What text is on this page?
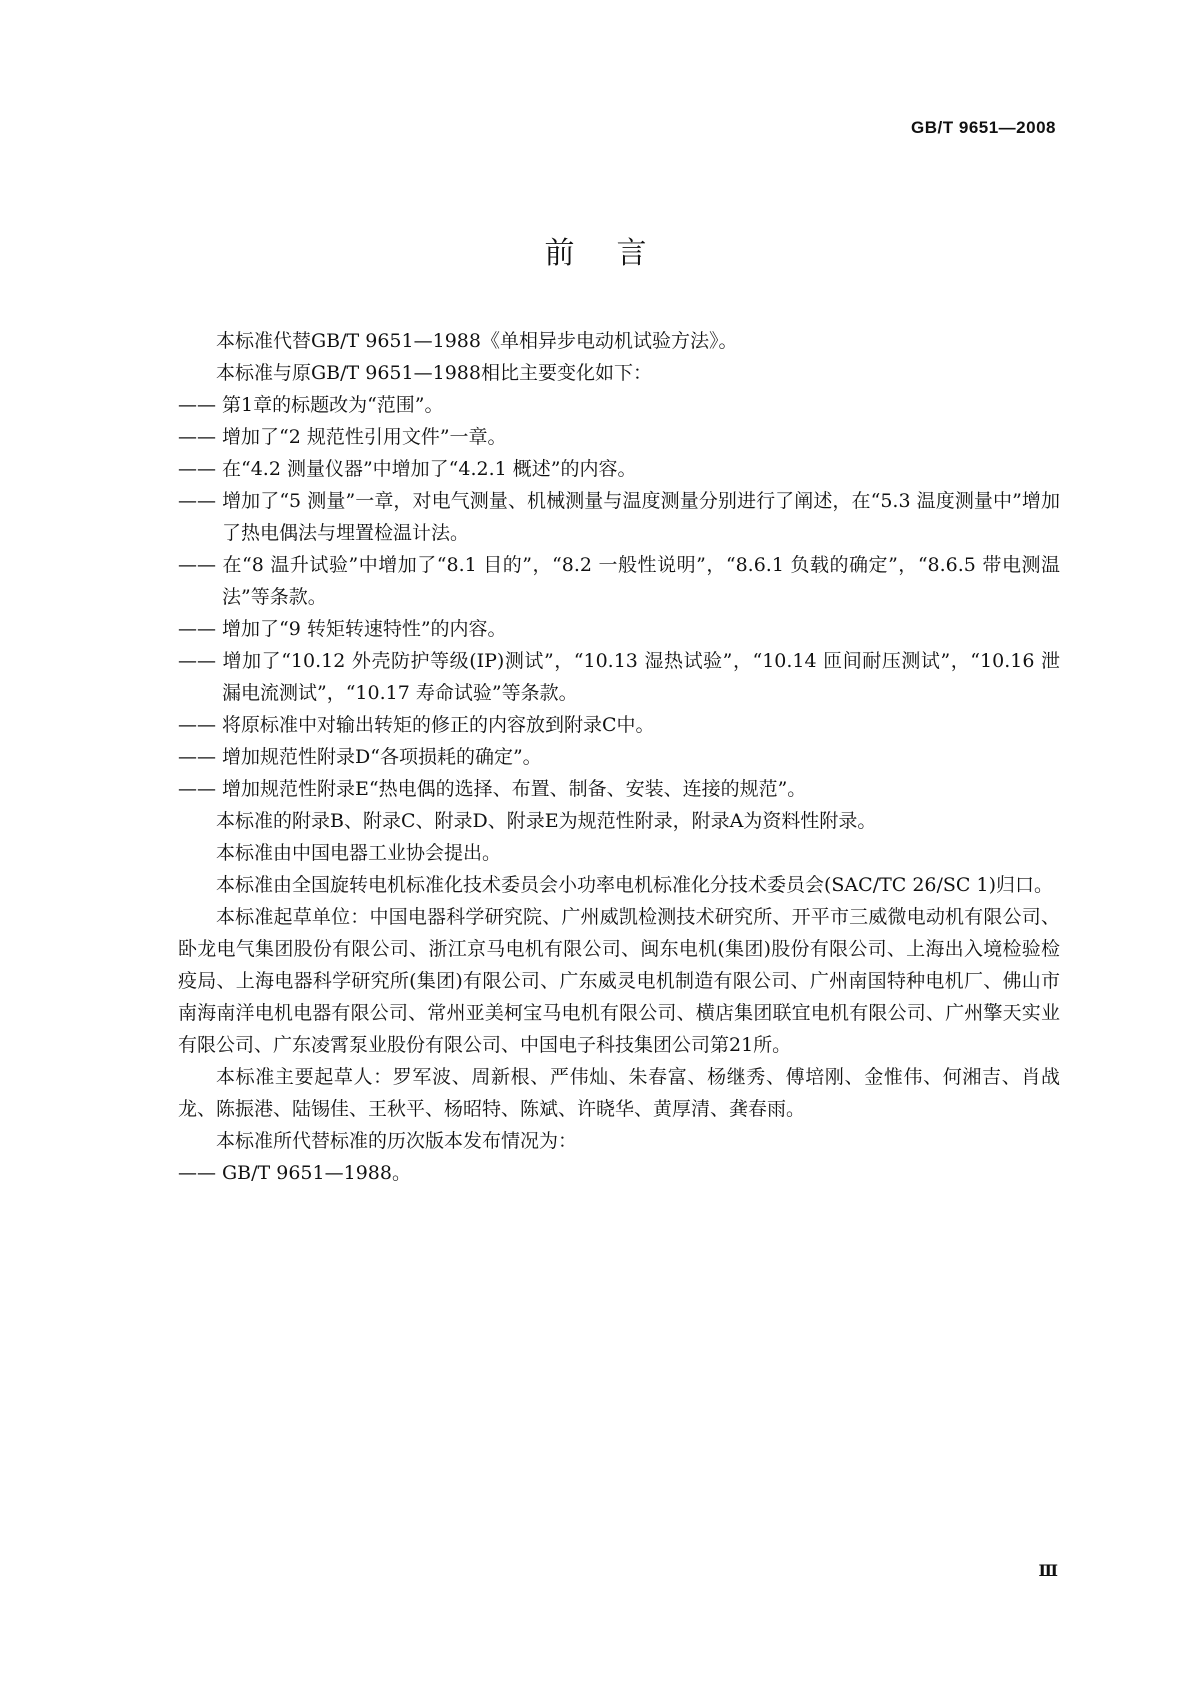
GB/T 9651—2008
前言

本标准代替GB/T 9651—1988《单相异步电动机试验方法》。

本标准与原GB/T 9651—1988相比主要变化如下：

—— 第1章的标题改为“范围”。

—— 增加了“2 规范性引用文件”一章。

—— 在“4.2 测量仪器”中增加了“4.2.1 概述”的内容。

—— 增加了“5 测量”一章，对电气测量、机械测量与温度测量分别进行了阐述，在“5.3 温度测量中”增加了热电偶法与埋置检温计法。

—— 在“8 温升试验”中增加了“8.1 目的”，“8.2 一般性说明”，“8.6.1 负载的确定”，“8.6.5 带电测温法”等条款。

—— 增加了“9 转矩转速特性”的内容。

—— 增加了“10.12 外壳防护等级(IP)测试”，“10.13 湿热试验”，“10.14 匝间耐压测试”，“10.16 泄漏电流测试”，“10.17 寿命试验”等条款。

—— 将原标准中对输出转矩的修正的内容放到附录C中。

—— 增加规范性附录D“各项损耗的确定”。

—— 增加规范性附录E“热电偶的选择、布置、制备、安装、连接的规范”。

本标准的附录B、附录C、附录D、附录E为规范性附录，附录A为资料性附录。

本标准由中国电器工业协会提出。

本标准由全国旋转电机标准化技术委员会小功率电机标准化分技术委员会(SAC/TC 26/SC 1)归口。

本标准起草单位：中国电器科学研究院、广州威凯检测技术研究所、开平市三威微电动机有限公司、卧龙电气集团股份有限公司、浙江京马电机有限公司、闽东电机(集团)股份有限公司、上海出入境检验检疫局、上海电器科学研究所(集团)有限公司、广东威灵电机制造有限公司、广州南国特种电机厂、佛山市南海南洋电机电器有限公司、常州亚美柯宝马电机有限公司、横店集团联宜电机有限公司、广州擎天实业有限公司、广东凌霄泵业股份有限公司、中国电子科技集团公司第21所。

本标准主要起草人：罗军波、周新根、严伟灿、朱春富、杨继秀、傅培刚、金惟伟、何湘吉、肖战龙、陈振港、陆锡佳、王秋平、杨昭特、陈斌、许晓华、黄厚清、龚春雨。

本标准所代替标准的历次版本发布情况为：

—— GB/T 9651—1988。

Ⅲ
